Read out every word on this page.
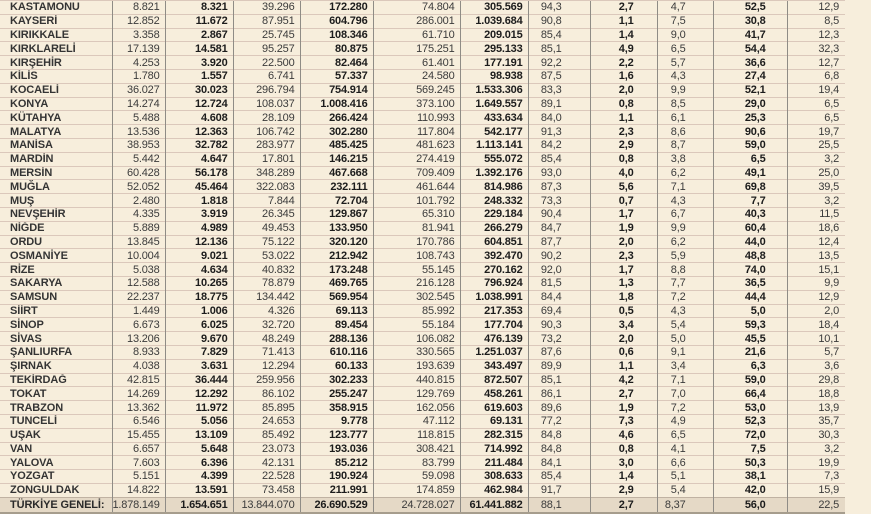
KASTAMONU	8.821	8.321	39.296	172.280	74.804	305.569	94,3	2,7	4,7	52,5	12,9
KAYSERİ	12.852	11.672	87.951	604.796	286.001	1.039.684	90,8	1,1	7,5	30,8	8,5
KIRIKKALE	3.358	2.867	25.745	108.346	61.710	209.015	85,4	1,4	9,0	41,7	12,3
KIRKLARELİ	17.139	14.581	95.257	80.875	175.251	295.133	85,1	4,9	6,5	54,4	32,3
KIRŞEHİR	4.253	3.920	22.500	82.464	61.401	177.191	92,2	2,2	5,7	36,6	12,7
KİLİS	1.780	1.557	6.741	57.337	24.580	98.938	87,5	1,6	4,3	27,4	6,8
KOCAELİ	36.027	30.023	296.794	754.914	569.245	1.533.306	83,3	2,0	9,9	52,1	19,4
KONYA	14.274	12.724	108.037	1.008.416	373.100	1.649.557	89,1	0,8	8,5	29,0	6,5
KÜTAHYA	5.488	4.608	28.109	266.424	110.993	433.634	84,0	1,1	6,1	25,3	6,5
MALATYA	13.536	12.363	106.742	302.280	117.804	542.177	91,3	2,3	8,6	90,6	19,7
MANİSA	38.953	32.782	283.977	485.425	481.623	1.113.141	84,2	2,9	8,7	59,0	25,5
MARDİN	5.442	4.647	17.801	146.215	274.419	555.072	85,4	0,8	3,8	6,5	3,2
MERSİN	60.428	56.178	348.289	467.668	709.409	1.392.176	93,0	4,0	6,2	49,1	25,0
MUĞLA	52.052	45.464	322.083	232.111	461.644	814.986	87,3	5,6	7,1	69,8	39,5
MUŞ	2.480	1.818	7.844	72.704	101.792	248.332	73,3	0,7	4,3	7,7	3,2
NEVŞEHİR	4.335	3.919	26.345	129.867	65.310	229.184	90,4	1,7	6,7	40,3	11,5
NİĞDE	5.889	4.989	49.453	133.950	81.941	266.279	84,7	1,9	9,9	60,4	18,6
ORDU	13.845	12.136	75.122	320.120	170.786	604.851	87,7	2,0	6,2	44,0	12,4
OSMANİYE	10.004	9.021	53.022	212.942	108.743	392.470	90,2	2,3	5,9	48,8	13,5
RİZE	5.038	4.634	40.832	173.248	55.145	270.162	92,0	1,7	8,8	74,0	15,1
SAKARYA	12.588	10.265	78.879	469.765	216.128	796.924	81,5	1,3	7,7	36,5	9,9
SAMSUN	22.237	18.775	134.442	569.954	302.545	1.038.991	84,4	1,8	7,2	44,4	12,9
SİİRT	1.449	1.006	4.326	69.113	85.992	217.353	69,4	0,5	4,3	5,0	2,0
SİNOP	6.673	6.025	32.720	89.454	55.184	177.704	90,3	3,4	5,4	59,3	18,4
SİVAS	13.206	9.670	48.249	288.136	106.082	476.139	73,2	2,0	5,0	45,5	10,1
ŞANLIURFA	8.933	7.829	71.413	610.116	330.565	1.251.037	87,6	0,6	9,1	21,6	5,7
ŞIRNAK	4.038	3.631	12.294	60.133	193.639	343.497	89,9	1,1	3,4	6,3	3,6
TEKİRDAĞ	42.815	36.444	259.956	302.233	440.815	872.507	85,1	4,2	7,1	59,0	29,8
TOKAT	14.269	12.292	86.102	255.247	129.769	458.261	86,1	2,7	7,0	66,4	18,8
TRABZON	13.362	11.972	85.895	358.915	162.056	619.603	89,6	1,9	7,2	53,0	13,9
TUNCELİ	6.546	5.056	24.653	9.778	47.112	69.131	77,2	7,3	4,9	52,3	35,7
UŞAK	15.455	13.109	85.492	123.777	118.815	282.315	84,8	4,6	6,5	72,0	30,3
VAN	6.657	5.648	23.073	193.036	308.421	714.992	84,8	0,8	4,1	7,5	3,2
YALOVA	7.603	6.396	42.131	85.212	83.799	211.484	84,1	3,0	6,6	50,3	19,9
YOZGAT	5.151	4.399	22.528	190.924	59.098	308.633	85,4	1,4	5,1	38,1	7,3
ZONGULDAK	14.822	13.591	73.458	211.991	174.859	462.984	91,7	2,9	5,4	42,0	15,9
TÜRKİYE GENELİ:	1.878.149	1.654.651	13.844.070	26.690.529	24.728.027	61.441.882	88,1	2,7	8,37	56,0	22,5
